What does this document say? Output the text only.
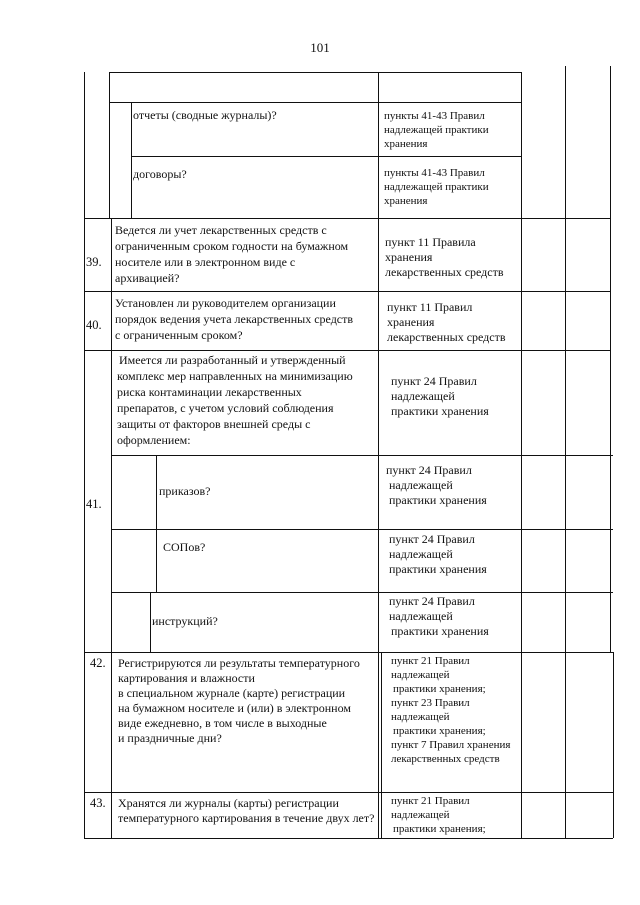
101
отчеты (сводные журналы)?	пункты 41-43 Правил
надлежащей практики
хранения
договоры?	пункты 41-43 Правил
надлежащей практики
хранения
39.
Ведется ли учет лекарственных средств с
ограниченным сроком годности на бумажном
носителе или в электронном виде с
архивацией?
пункт 11 Правила
хранения
лекарственных средств
40.
Установлен ли руководителем организации
порядок ведения учета лекарственных средств
с ограниченным сроком?
пункт 11 Правил
хранения
лекарственных средств
41.
Имеется ли разработанный и утвержденный
комплекс мер направленных на минимизацию
риска контаминации лекарственных
препаратов, с учетом условий соблюдения
защиты от факторов внешней среды с
оформлением:
пункт 24 Правил
надлежащей
практики хранения
приказов?
пункт 24 Правил
надлежащей
практики хранения
СОПов?
пункт 24 Правил
надлежащей
практики хранения
инструкций?
пункт 24 Правил
надлежащей
практики хранения
42. Регистрируются ли результаты температурного
картирования и влажности
в специальном журнале (карте) регистрации
на бумажном носителе и (или) в электронном
виде ежедневно, в том числе в выходные
и праздничные дни?
пункт 21 Правил
надлежащей
практики хранения;
пункт 23 Правил
надлежащей
практики хранения;
пункт 7 Правил хранения
лекарственных средств
43. Хранятся ли журналы (карты) регистрации
температурного картирования в течение двух лет?
пункт 21 Правил
надлежащей
практики хранения;
